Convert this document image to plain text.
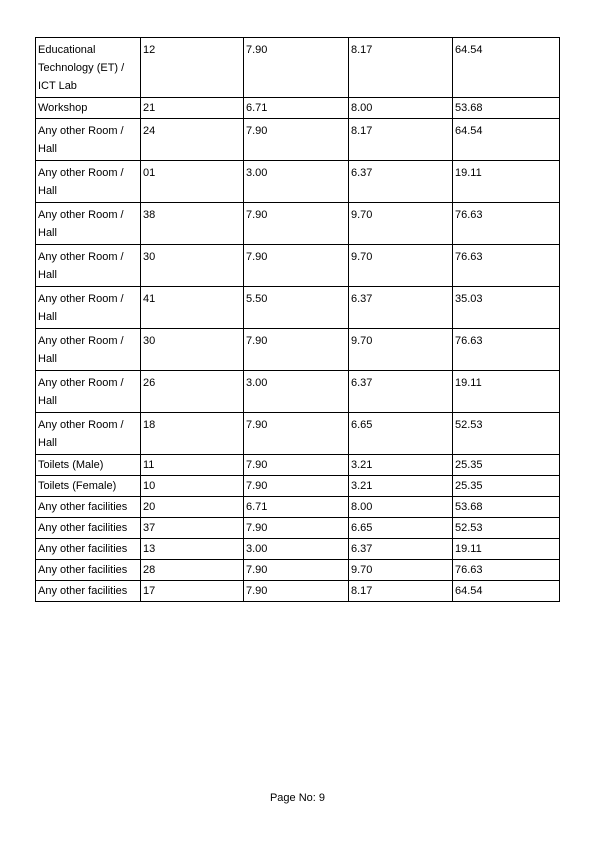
Educational Technology (ET) / ICT Lab	12	7.90	8.17	64.54
Workshop	21	6.71	8.00	53.68
Any other Room / Hall	24	7.90	8.17	64.54
Any other Room / Hall	01	3.00	6.37	19.11
Any other Room / Hall	38	7.90	9.70	76.63
Any other Room / Hall	30	7.90	9.70	76.63
Any other Room / Hall	41	5.50	6.37	35.03
Any other Room / Hall	30	7.90	9.70	76.63
Any other Room / Hall	26	3.00	6.37	19.11
Any other Room / Hall	18	7.90	6.65	52.53
Toilets (Male)	11	7.90	3.21	25.35
Toilets (Female)	10	7.90	3.21	25.35
Any other facilities	20	6.71	8.00	53.68
Any other facilities	37	7.90	6.65	52.53
Any other facilities	13	3.00	6.37	19.11
Any other facilities	28	7.90	9.70	76.63
Any other facilities	17	7.90	8.17	64.54
Page No: 9
